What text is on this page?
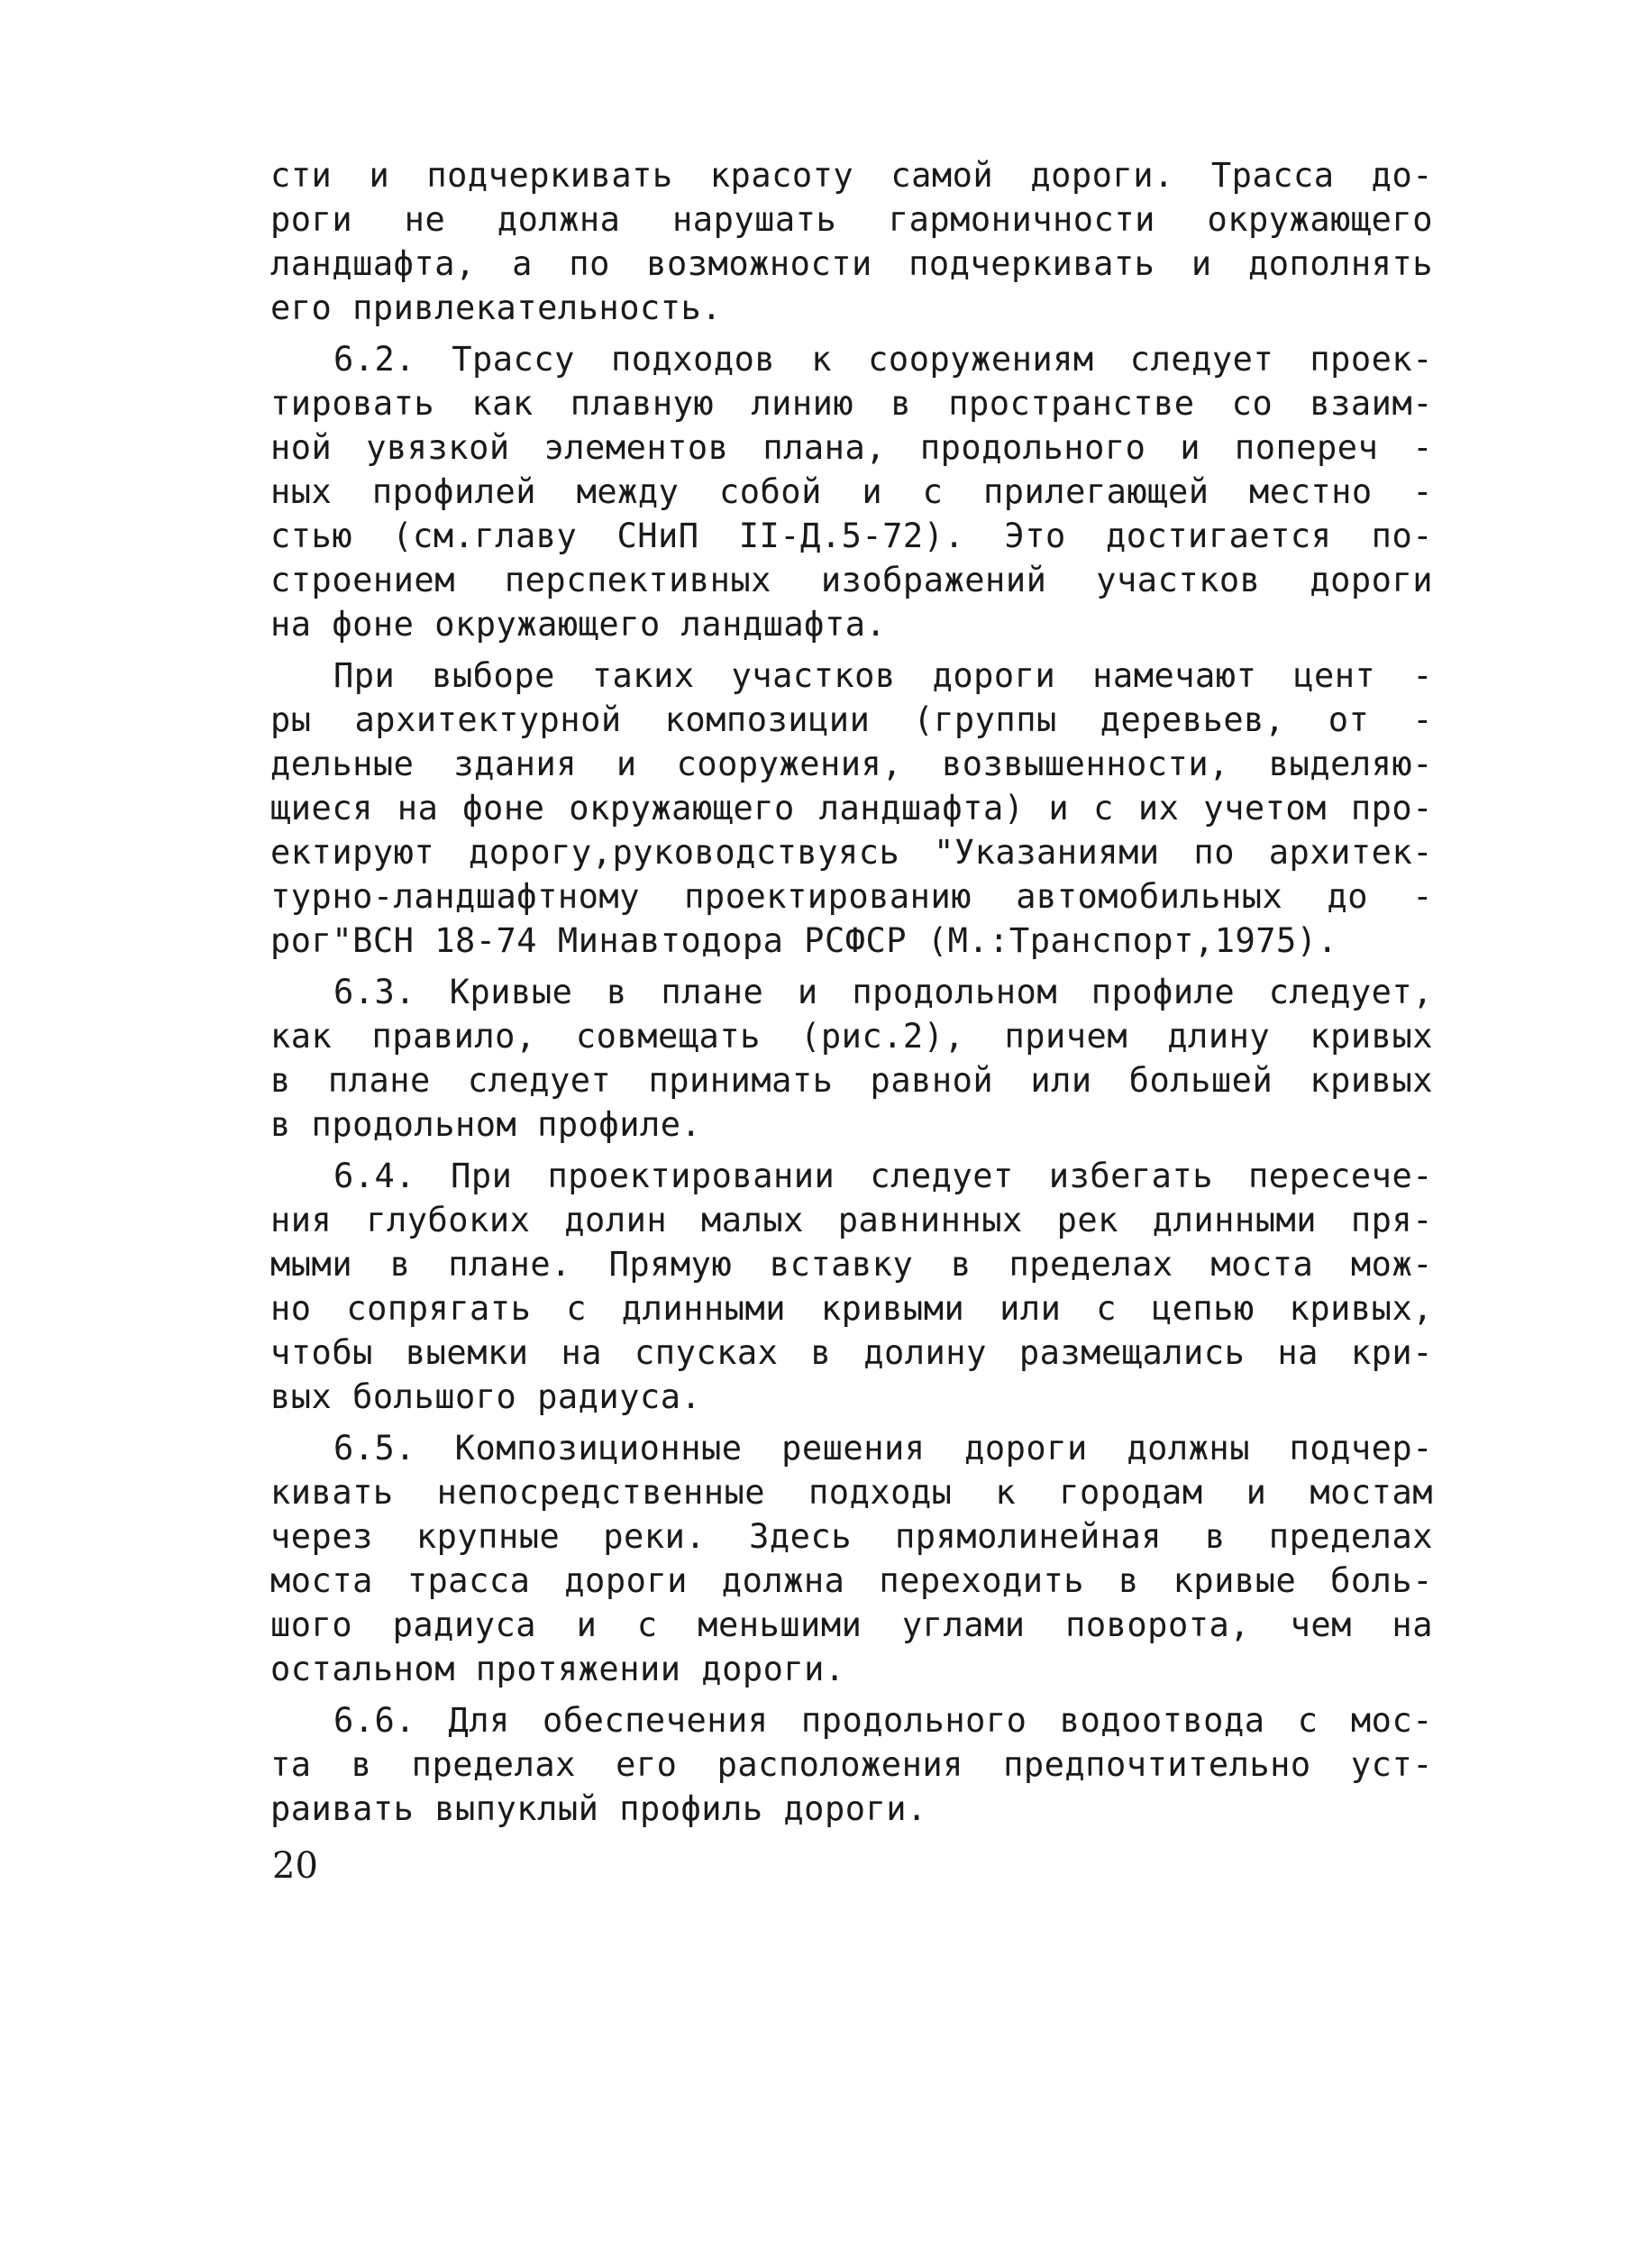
сти и подчеркивать красоту самой дороги. Трасса до-
роги не должна нарушать гармоничности окружающего
ландшафта, а по возможности подчеркивать и дополнять
его привлекательность.
6.2. Трассу подходов к сооружениям следует проек-
тировать как плавную линию в пространстве со взаим-
ной увязкой элементов плана, продольного и попереч -
ных профилей между собой и с прилегающей местно -
стью (см.главу СНиП II-Д.5-72). Это достигается по-
строением перспективных изображений участков дороги
на фоне окружающего ландшафта.
При выборе таких участков дороги намечают цент -
ры архитектурной композиции (группы деревьев, от -
дельные здания и сооружения, возвышенности, выделяю-
щиеся на фоне окружающего ландшафта) и с их учетом про-
ектируют дорогу,руководствуясь "Указаниями по архитек-
турно-ландшафтному проектированию автомобильных до -
рог"ВСН 18-74 Минавтодора РСФСР (М.:Транспорт,1975).
6.3. Кривые в плане и продольном профиле следует,
как правило, совмещать (рис.2), причем длину кривых
в плане следует принимать равной или большей кривых
в продольном профиле.
6.4. При проектировании следует избегать пересече-
ния глубоких долин малых равнинных рек длинными пря-
мыми в плане. Прямую вставку в пределах моста мож-
но сопрягать с длинными кривыми или с цепью кривых,
чтобы выемки на спусках в долину размещались на кри-
вых большого радиуса.
6.5. Композиционные решения дороги должны подчер-
кивать непосредственные подходы к городам и мостам
через крупные реки. Здесь прямолинейная в пределах
моста трасса дороги должна переходить в кривые боль-
шого радиуса и с меньшими углами поворота, чем на
остальном протяжении дороги.
6.6. Для обеспечения продольного водоотвода с мос-
та в пределах его расположения предпочтительно уст-
раивать выпуклый профиль дороги.
20
